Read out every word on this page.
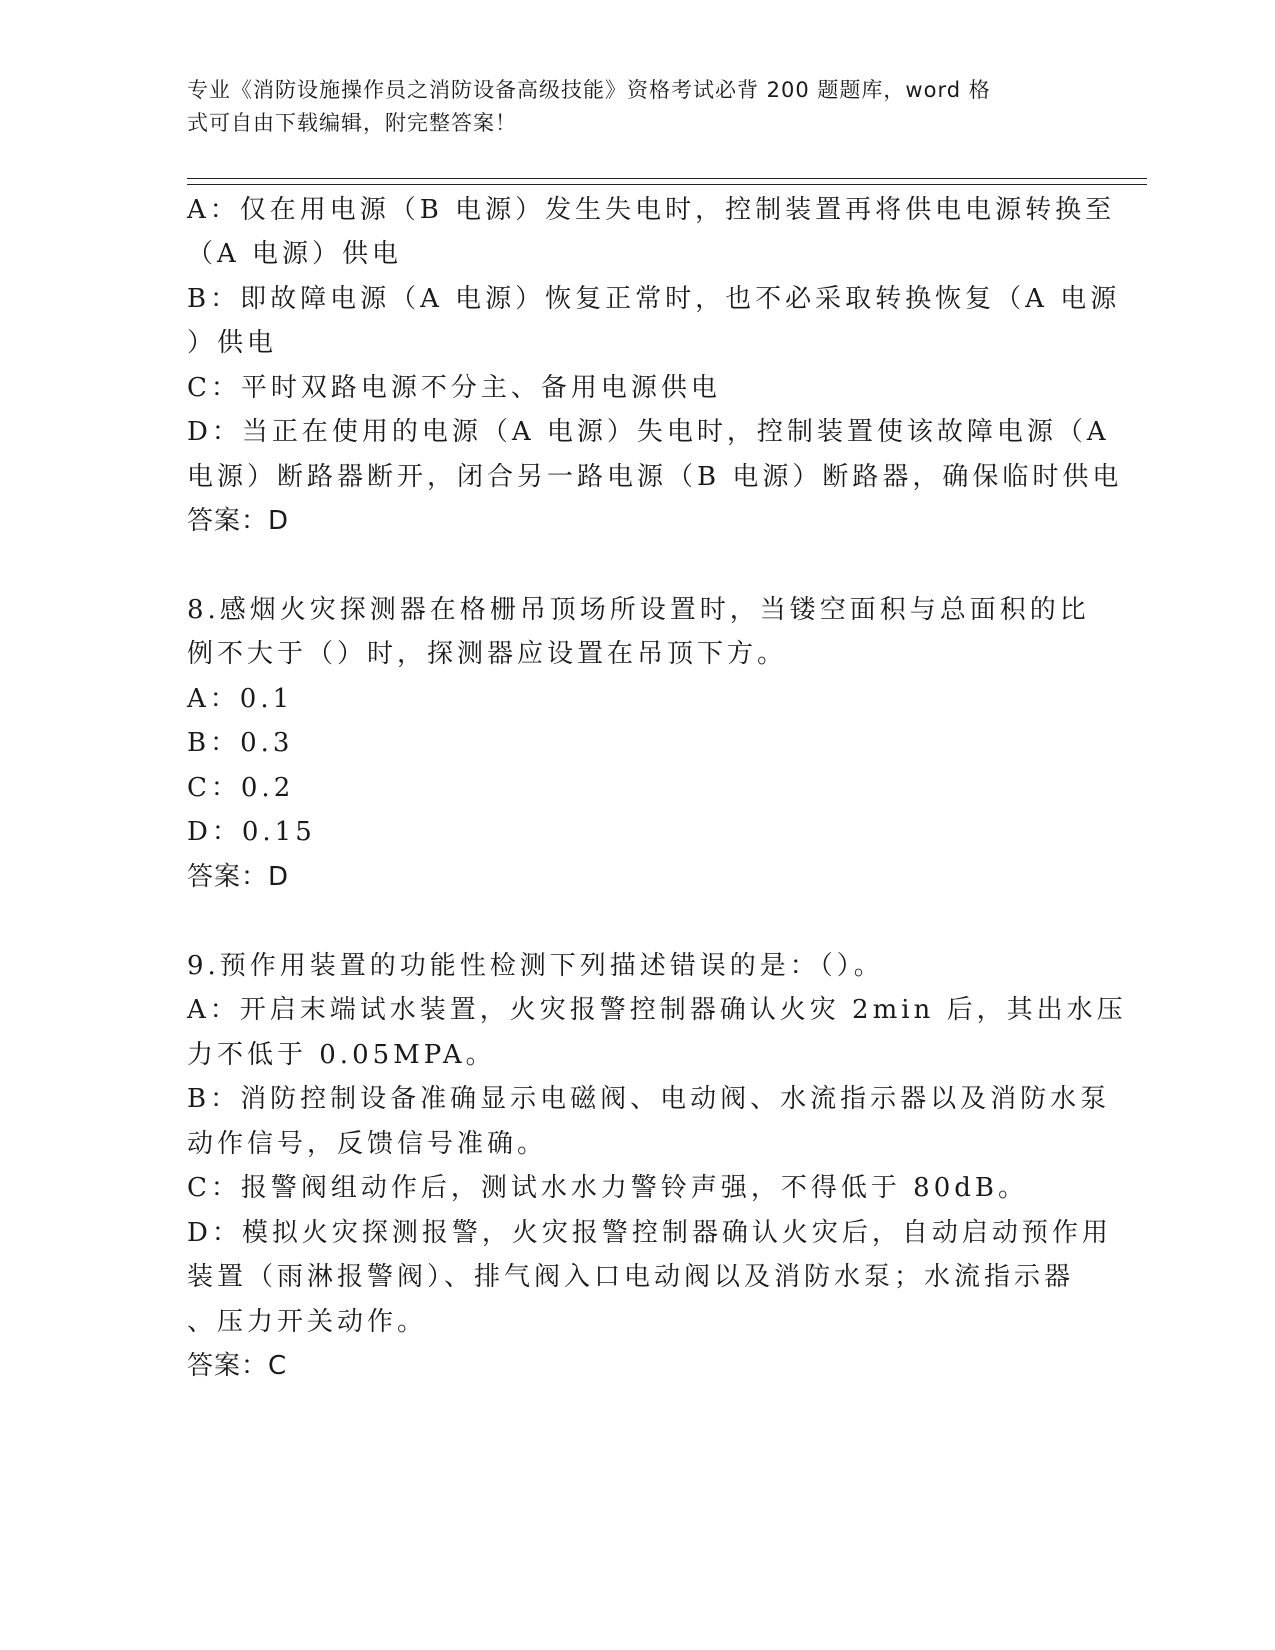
专业《消防设施操作员之消防设备高级技能》资格考试必背 200 题题库，word 格
式可自由下载编辑，附完整答案！
A：仅在用电源（B 电源）发生失电时，控制装置再将供电电源转换至
（A 电源）供电
B：即故障电源（A 电源）恢复正常时，也不必采取转换恢复（A 电源
）供电
C：平时双路电源不分主、备用电源供电
D：当正在使用的电源（A 电源）失电时，控制装置使该故障电源（A
电源）断路器断开，闭合另一路电源（B 电源）断路器，确保临时供电
答案：D
8.感烟火灾探测器在格栅吊顶场所设置时，当镂空面积与总面积的比
例不大于（）时，探测器应设置在吊顶下方。
A：0.1
B：0.3
C：0.2
D：0.15
答案：D
9.预作用装置的功能性检测下列描述错误的是：（）。
A：开启末端试水装置，火灾报警控制器确认火灾 2min 后，其出水压
力不低于 0.05MPA。
B：消防控制设备准确显示电磁阀、电动阀、水流指示器以及消防水泵
动作信号，反馈信号准确。
C：报警阀组动作后，测试水水力警铃声强，不得低于 80dB。
D：模拟火灾探测报警，火灾报警控制器确认火灾后，自动启动预作用
装置（雨淋报警阀）、排气阀入口电动阀以及消防水泵；水流指示器
、压力开关动作。
答案：C
